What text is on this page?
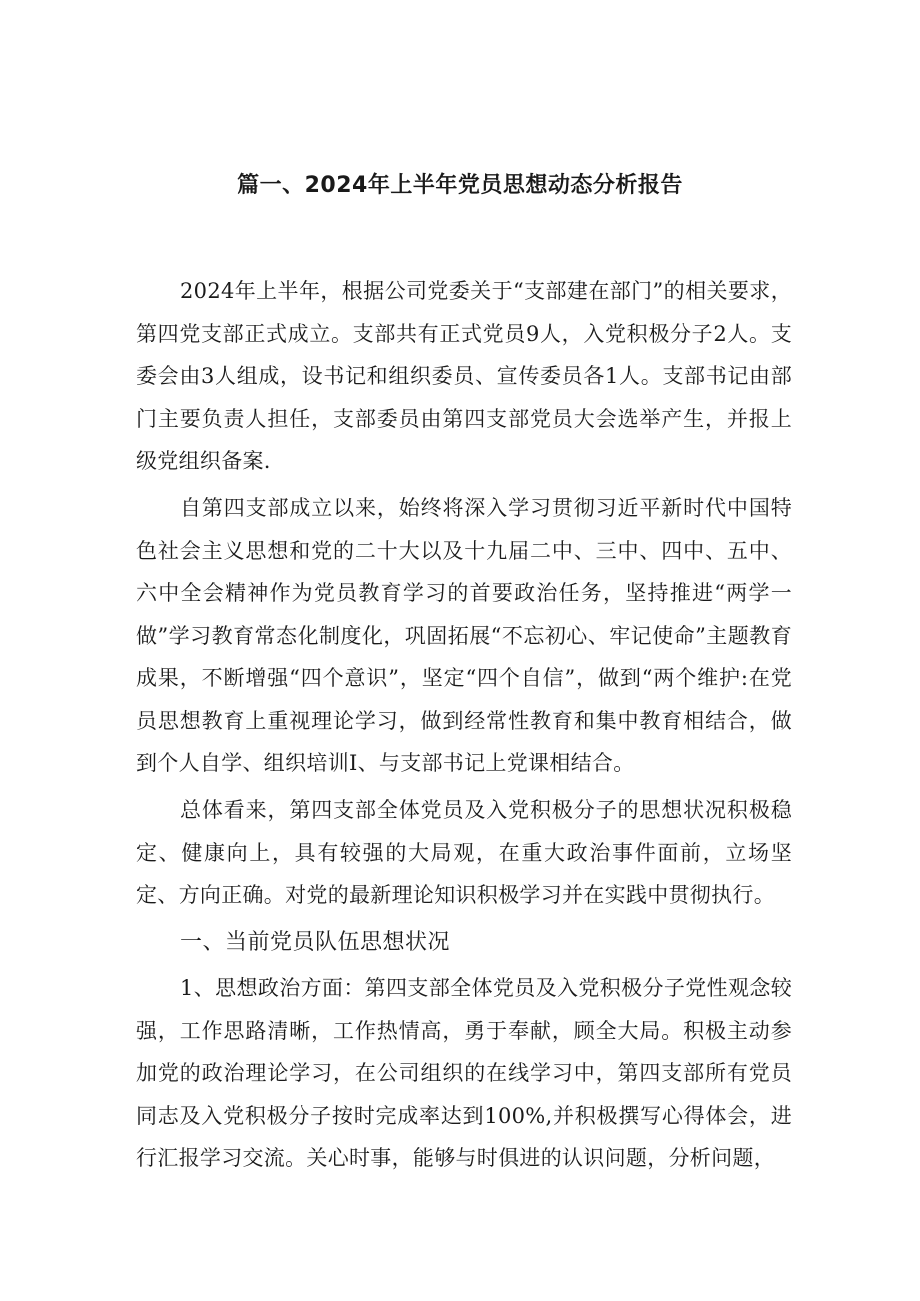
篇一、2024年上半年党员思想动态分析报告

2024年上半年，根据公司党委关于“支部建在部门”的相关要求，第四党支部正式成立。支部共有正式党员9人，入党积极分子2人。支委会由3人组成，设书记和组织委员、宣传委员各1人。支部书记由部门主要负责人担任，支部委员由第四支部党员大会选举产生，并报上级党组织备案.

自第四支部成立以来，始终将深入学习贯彻习近平新时代中国特色社会主义思想和党的二十大以及十九届二中、三中、四中、五中、六中全会精神作为党员教育学习的首要政治任务，坚持推进“两学一做”学习教育常态化制度化，巩固拓展“不忘初心、牢记使命”主题教育成果，不断增强“四个意识”，坚定“四个自信”，做到“两个维护:在党员思想教育上重视理论学习，做到经常性教育和集中教育相结合，做到个人自学、组织培训I、与支部书记上党课相结合。

总体看来，第四支部全体党员及入党积极分子的思想状况积极稳定、健康向上，具有较强的大局观，在重大政治事件面前，立场坚定、方向正确。对党的最新理论知识积极学习并在实践中贯彻执行。

一、当前党员队伍思想状况

1、思想政治方面：第四支部全体党员及入党积极分子党性观念较强，工作思路清晰，工作热情高，勇于奉献，顾全大局。积极主动参加党的政治理论学习，在公司组织的在线学习中，第四支部所有党员同志及入党积极分子按时完成率达到100%,并积极撰写心得体会，进行汇报学习交流。关心时事，能够与时俱进的认识问题，分析问题，
